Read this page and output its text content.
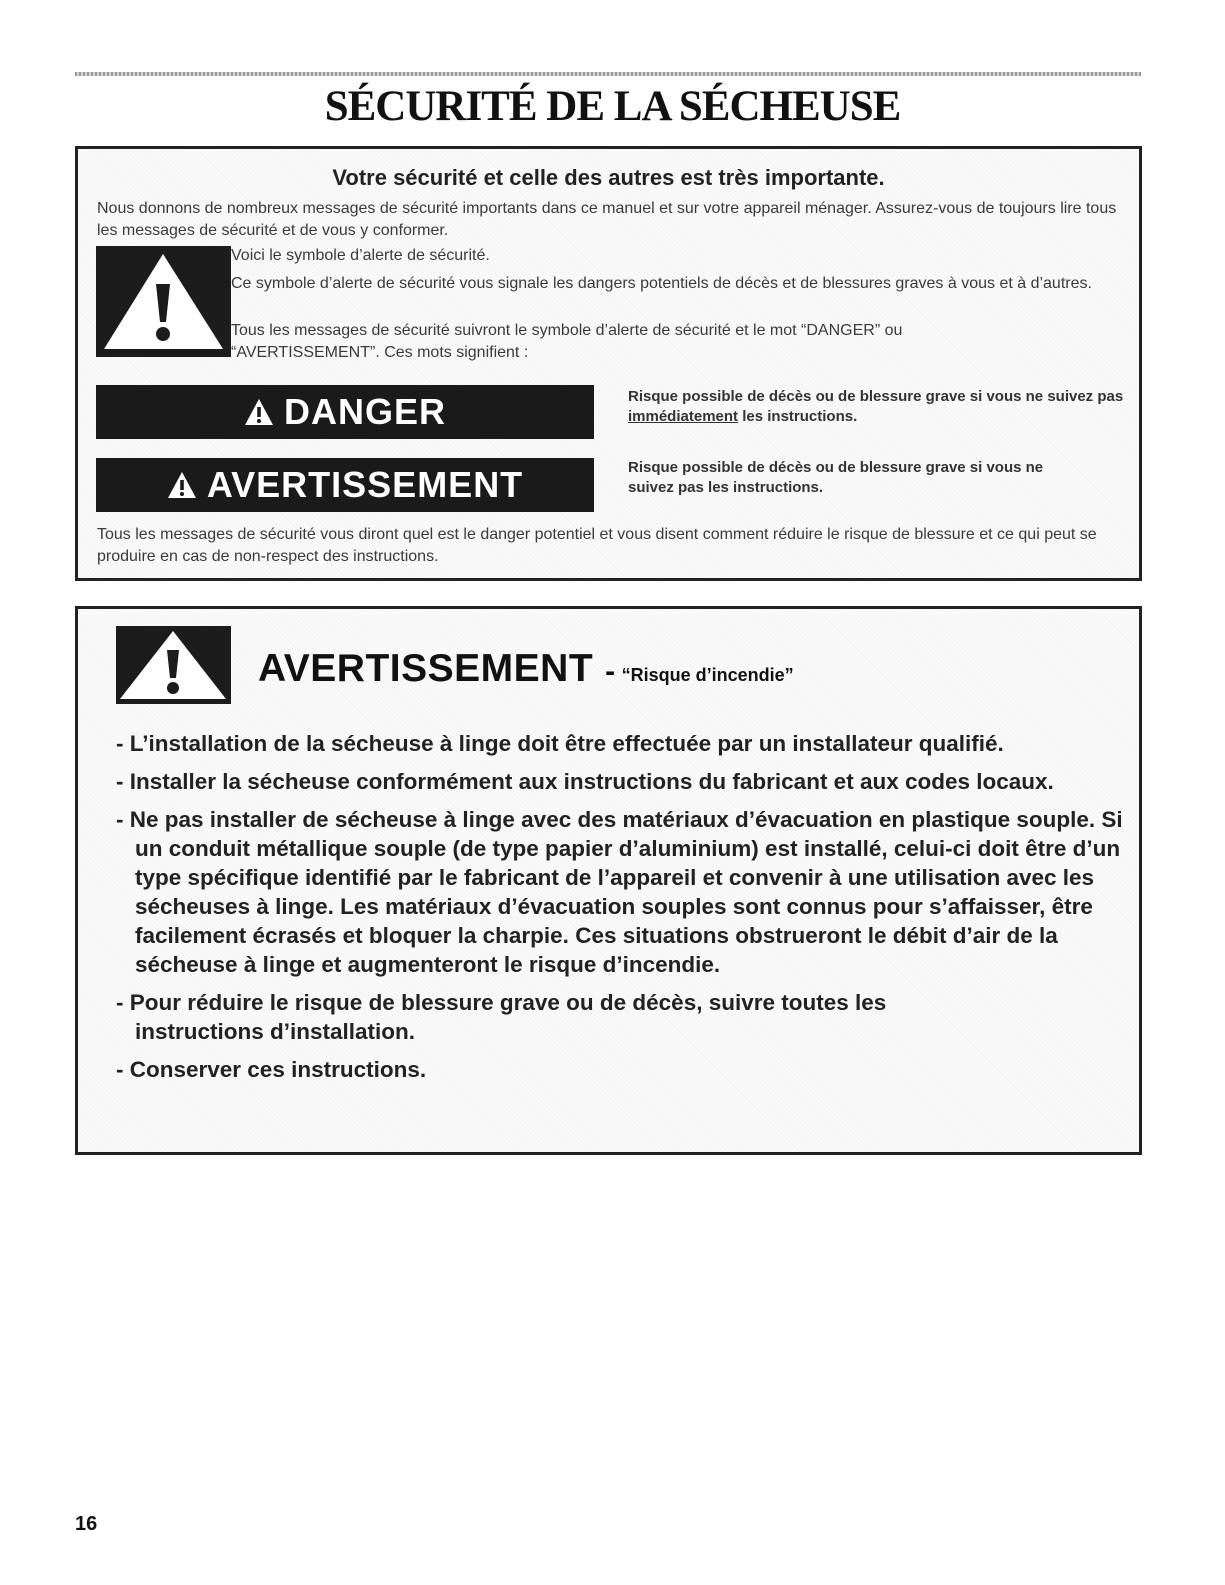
SÉCURITÉ DE LA SÉCHEUSE

Votre sécurité et celle des autres est très importante.

Nous donnons de nombreux messages de sécurité importants dans ce manuel et sur votre appareil ménager. Assurez-vous de toujours lire tous les messages de sécurité et de vous y conformer.

Voici le symbole d’alerte de sécurité.

Ce symbole d’alerte de sécurité vous signale les dangers potentiels de décès et de blessures graves à vous et à d’autres.

Tous les messages de sécurité suivront le symbole d’alerte de sécurité et le mot “DANGER” ou “AVERTISSEMENT”. Ces mots signifient :

DANGER	Risque possible de décès ou de blessure grave si vous ne suivez pas immédiatement les instructions.

AVERTISSEMENT	Risque possible de décès ou de blessure grave si vous ne suivez pas les instructions.

Tous les messages de sécurité vous diront quel est le danger potentiel et vous disent comment réduire le risque de blessure et ce qui peut se produire en cas de non-respect des instructions.

AVERTISSEMENT - “Risque d’incendie”

- L’installation de la sécheuse à linge doit être effectuée par un installateur qualifié.
- Installer la sécheuse conformément aux instructions du fabricant et aux codes locaux.
- Ne pas installer de sécheuse à linge avec des matériaux d’évacuation en plastique souple. Si un conduit métallique souple (de type papier d’aluminium) est installé, celui-ci doit être d’un type spécifique identifié par le fabricant de l’appareil et convenir à une utilisation avec les sécheuses à linge. Les matériaux d’évacuation souples sont connus pour s’affaisser, être facilement écrasés et bloquer la charpie. Ces situations obstrueront le débit d’air de la sécheuse à linge et augmenteront le risque d’incendie.
- Pour réduire le risque de blessure grave ou de décès, suivre toutes les instructions d’installation.
- Conserver ces instructions.
16
